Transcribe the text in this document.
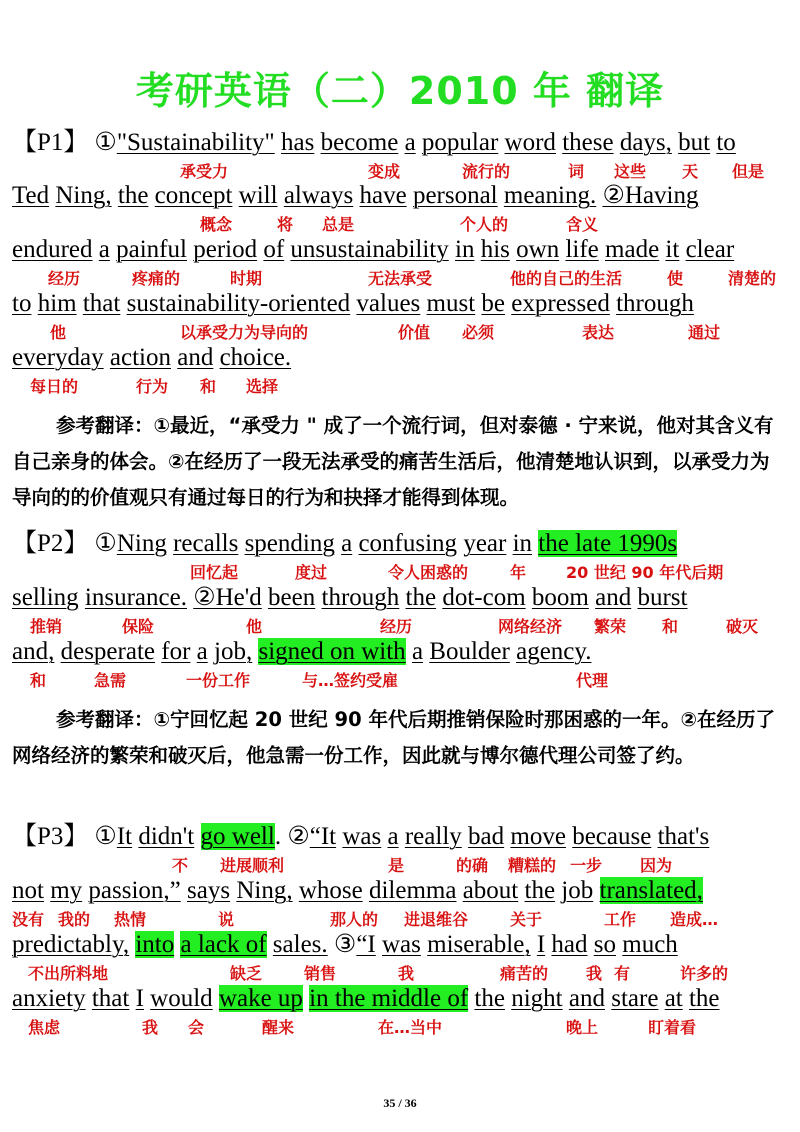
考研英语（二）2010 年 翻译
【P1】 ①"Sustainability" has become a popular word these days, but to
承受力	变成	流行的	词 这些 天 但是
Ted Ning, the concept will always have personal meaning. ②Having
概念	将 总是	个人的	含义
endured a painful period of unsustainability in his own life made it clear
经历	疼痛的	时期	无法承受	他的自己的生活	使	清楚的
to him that sustainability-oriented values must be expressed through
他	以承受力为导向的	价值 必须	表达	通过
everyday action and choice.
每日的	行为 和 选择
参考翻译：①最近，“承受力 " 成了一个流行词，但对泰德 · 宁来说，他对其含义有自己亲身的体会。②在经历了一段无法承受的痛苦生活后，他清楚地认识到，以承受力为导向的的价值观只有通过每日的行为和抉择才能得到体现。
【P2】 ①Ning recalls spending a confusing year in the late 1990s
回忆起	度过	令人困惑的	年 20 世纪 90 年代后期
selling insurance. ②He'd been through the dot-com boom and burst
推销	保险	他	经历	网络经济 繁荣 和	破灭
and, desperate for a job, signed on with a Boulder agency.
和	急需	一份工作	与…签约受雇	代理
参考翻译：①宁回忆起 20 世纪 90 年代后期推销保险时那困惑的一年。②在经历了网络经济的繁荣和破灭后，他急需一份工作，因此就与博尔德代理公司签了约。
【P3】 ①It didn't go well. ②“It was a really bad move because that's
不 进展顺利	是	的确 糟糕的 一步 因为
not my passion,” says Ning, whose dilemma about the job translated,
没有 我的 热情	说	那人的 进退维谷	关于	工作 造成…
predictably, into a lack of sales. ③“I was miserable, I had so much
不出所料地	缺乏	销售	我	痛苦的 我 有	许多的
anxiety that I would wake up in the middle of the night and stare at the
焦虑	我 会	醒来	在…当中	晚上	盯着看
35 / 36
